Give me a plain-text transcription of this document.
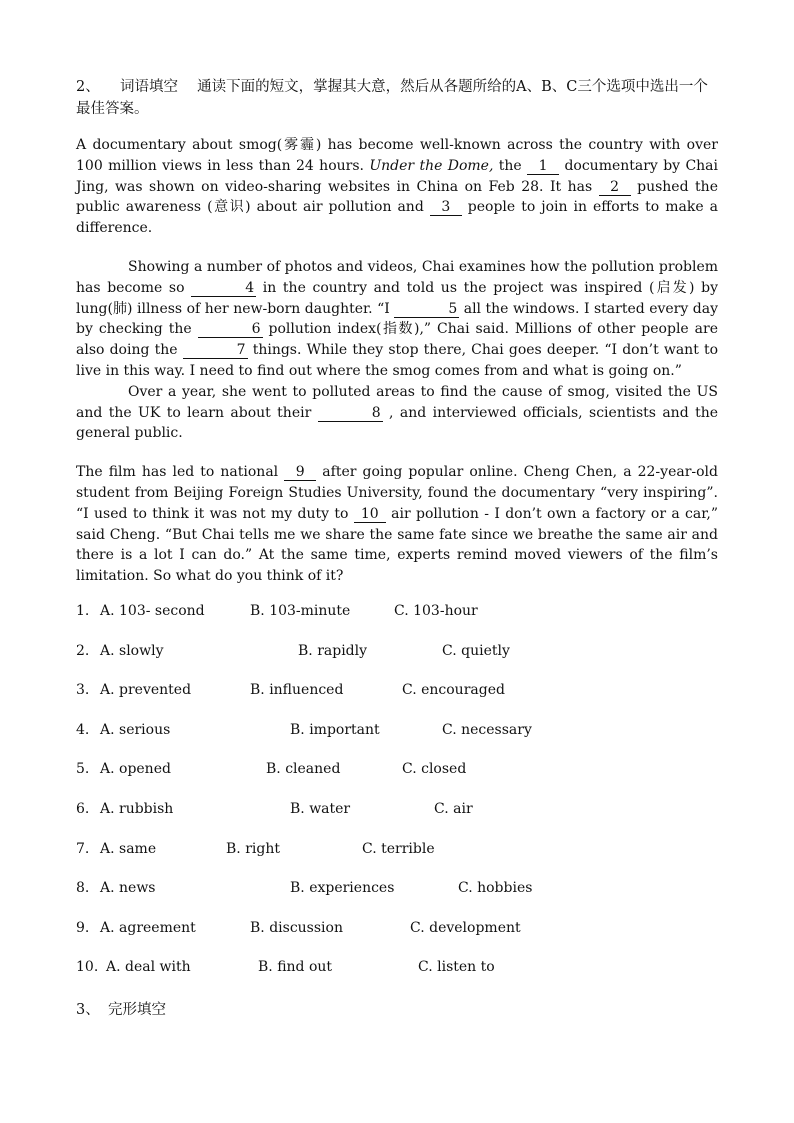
2、 词语填空　 通读下面的短文，掌握其大意，然后从各题所给的A、B、C三个选项中选出一个最佳答案。

A documentary about smog(雾霾) has become well-known across the country with over 100 million views in less than 24 hours. Under the Dome, the 1 documentary by Chai Jing, was shown on video-sharing websites in China on Feb 28. It has 2 pushed the public awareness (意识) about air pollution and 3 people to join in efforts to make a difference.

Showing a number of photos and videos, Chai examines how the pollution problem has become so	4 in the country and told us the project was inspired (启发) by lung(肺) illness of her new-born daughter. “I	5 all the windows. I started every day by checking the	6 pollution index(指数),” Chai said. Millions of other people are also doing the	7 things. While they stop there, Chai goes deeper. “I don’t want to live in this way. I need to find out where the smog comes from and what is going on.”

Over a year, she went to polluted areas to find the cause of smog, visited the US and the UK to learn about their	8 , and interviewed officials, scientists and the general public.

The film has led to national 9 after going popular online. Cheng Chen, a 22-year-old student from Beijing Foreign Studies University, found the documentary “very inspiring”. “I used to think it was not my duty to 10 air pollution - I don’t own a factory or a car,” said Cheng. “But Chai tells me we share the same fate since we breathe the same air and there is a lot I can do.” At the same time, experts remind moved viewers of the film’s limitation. So what do you think of it?

1. A. 103- second	B. 103-minute	C. 103-hour
2. A. slowly	B. rapidly	C. quietly
3. A. prevented	B. influenced	C. encouraged
4. A. serious	B. important	C. necessary
5. A. opened	B. cleaned	C. closed
6. A. rubbish	B. water	C. air
7. A. same	B. right	C. terrible
8. A. news	B. experiences	C. hobbies
9. A. agreement	B. discussion	C. development
10. A. deal with	B. find out	C. listen to

3、 完形填空
